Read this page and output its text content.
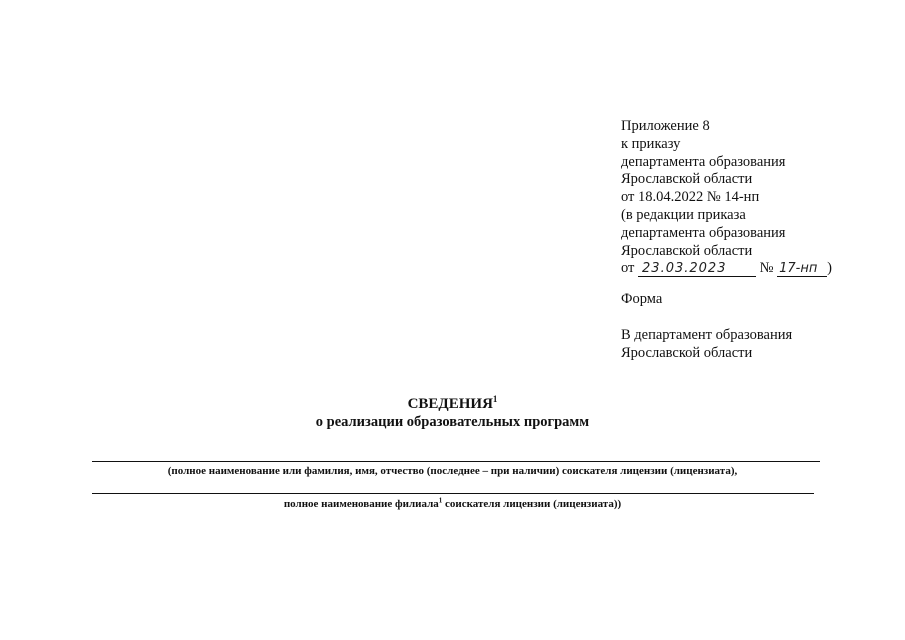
Приложение 8
к приказу
департамента образования
Ярославской области
от 18.04.2022 № 14-нп
(в редакции приказа
департамента образования
Ярославской области
от 23.03.2023 № 17-нп )
Форма
В департамент образования
Ярославской области
СВЕДЕНИЯ$^1$
о реализации образовательных программ
(полное наименование или фамилия, имя, отчество (последнее – при наличии) соискателя лицензии (лицензиата),
полное наименование филиала$^1$ соискателя лицензии (лицензиата))
